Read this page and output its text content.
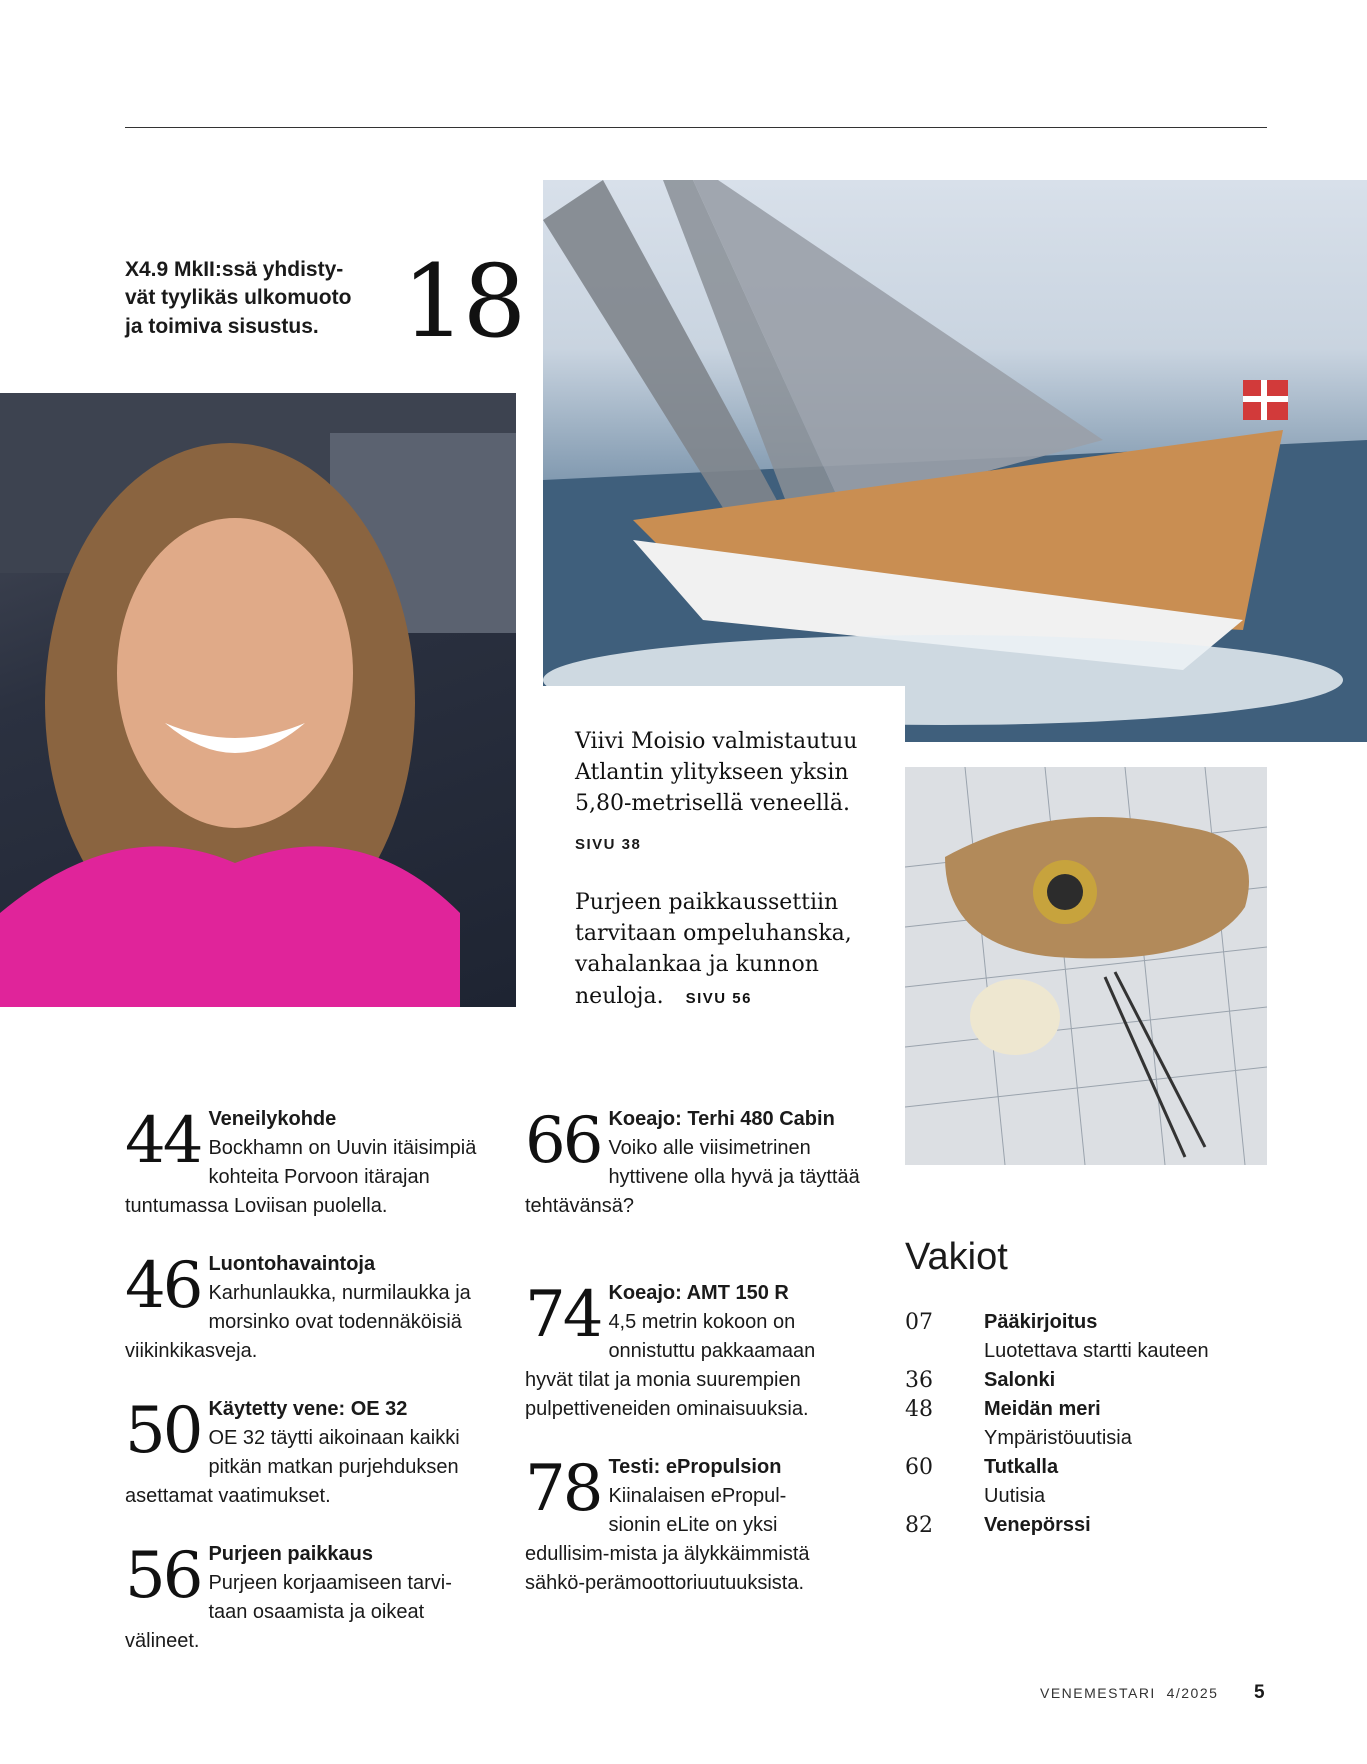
X4.9 MkII:ssä yhdisty-
vät tyylikäs ulkomuoto
ja toimiva sisustus. 18
Viivi Moisio valmistautuu Atlantin ylitykseen yksin 5,80-metrisellä veneellä.
SIVU 38
Purjeen paikkaussettiin tarvitaan ompeluhanska, vahalankaa ja kunnon neuloja. SIVU 56
44 Veneilykohde
Bockhamn on Uuvin itäisimpiä kohteita Porvoon itärajan tuntumassa Loviisan puolella.
46 Luontohavaintoja
Karhunlaukka, nurmilaukka ja morsinko ovat todennäköisiä viikinkikasveja.
50 Käytetty vene: OE 32
OE 32 täytti aikoinaan kaikki pitkän matkan purjehduksen asettamat vaatimukset.
56 Purjeen paikkaus
Purjeen korjaamiseen tarvi-taan osaamista ja oikeat välineet.
66 Koeajo: Terhi 480 Cabin
Voiko alle viisimetrinen hyttivene olla hyvä ja täyttää tehtävänsä?
74 Koeajo: AMT 150 R
4,5 metrin kokoon on onnistuttu pakkaamaan hyvät tilat ja monia suurempien pulpettiveneiden ominaisuuksia.
78 Testi: ePropulsion
Kiinalaisen ePropul-sionin eLite on yksi edullisim-mista ja älykkäimmistä sähkö-perämoottoriuutuuksista.
Vakiot
07	Pääkirjoitus
Luotettava startti kauteen
36	Salonki
48	Meidän meri
Ympäristöuutisia
60	Tutkalla
Uutisia
82	Venepörssi
VENEMESTARI  4/2025 5
